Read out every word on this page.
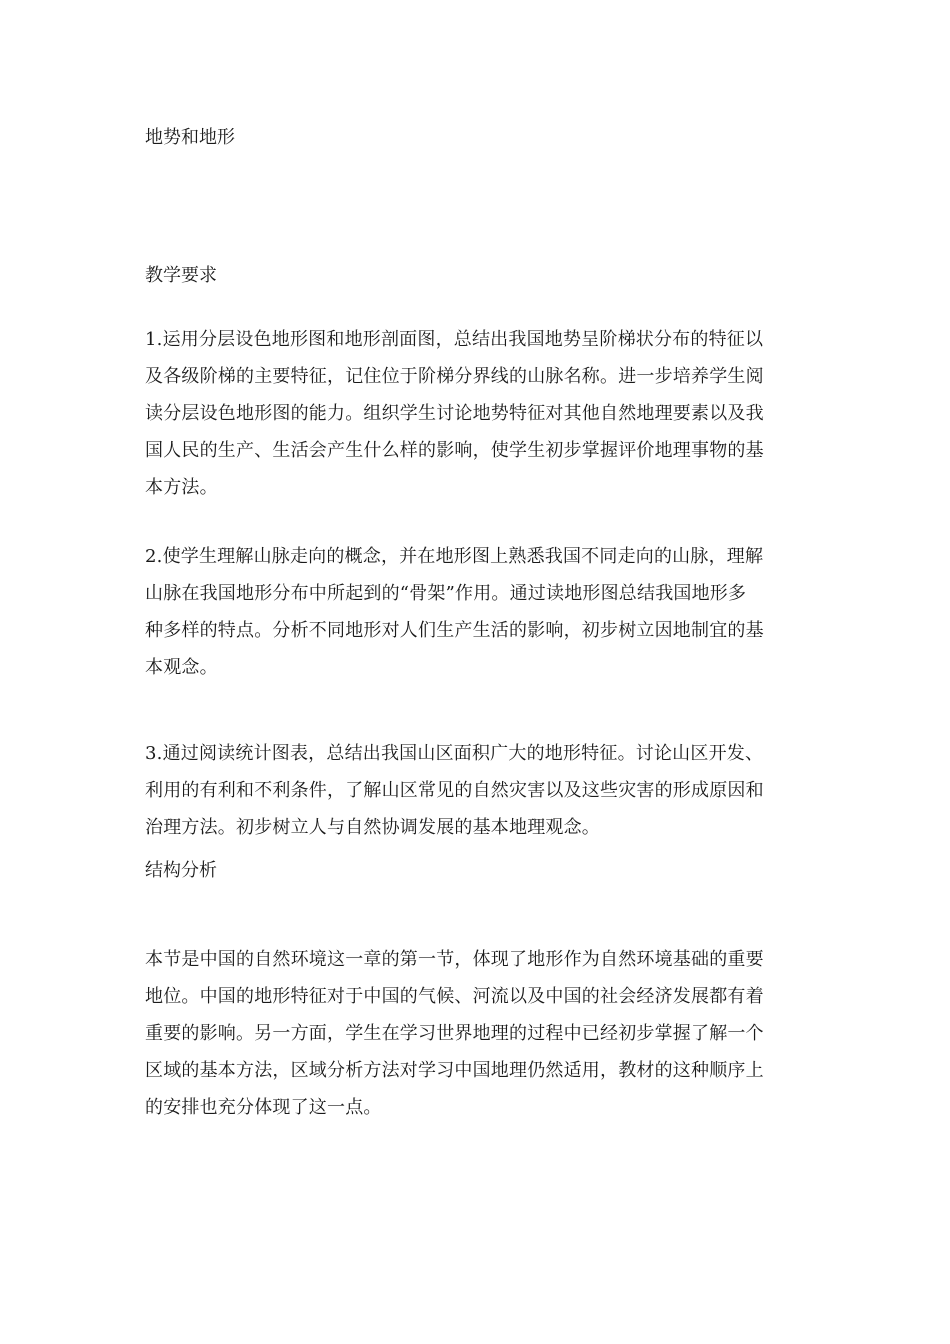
地势和地形
教学要求

1.运用分层设色地形图和地形剖面图，总结出我国地势呈阶梯状分布的特征以
及各级阶梯的主要特征，记住位于阶梯分界线的山脉名称。进一步培养学生阅
读分层设色地形图的能力。组织学生讨论地势特征对其他自然地理要素以及我
国人民的生产、生活会产生什么样的影响，使学生初步掌握评价地理事物的基
本方法。

2.使学生理解山脉走向的概念，并在地形图上熟悉我国不同走向的山脉，理解
山脉在我国地形分布中所起到的“骨架”作用。通过读地形图总结我国地形多
种多样的特点。分析不同地形对人们生产生活的影响，初步树立因地制宜的基
本观念。

3.通过阅读统计图表，总结出我国山区面积广大的地形特征。讨论山区开发、
利用的有利和不利条件，了解山区常见的自然灾害以及这些灾害的形成原因和
治理方法。初步树立人与自然协调发展的基本地理观念。

结构分析

本节是中国的自然环境这一章的第一节，体现了地形作为自然环境基础的重要
地位。中国的地形特征对于中国的气候、河流以及中国的社会经济发展都有着
重要的影响。另一方面，学生在学习世界地理的过程中已经初步掌握了解一个
区域的基本方法，区域分析方法对学习中国地理仍然适用，教材的这种顺序上
的安排也充分体现了这一点。
